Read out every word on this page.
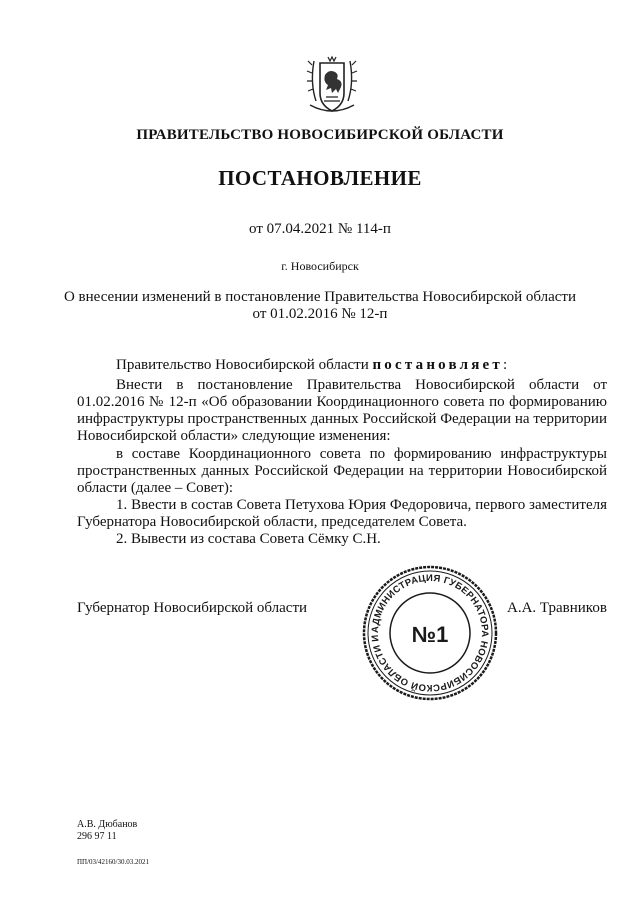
ПРАВИТЕЛЬСТВО НОВОСИБИРСКОЙ ОБЛАСТИ
ПОСТАНОВЛЕНИЕ
от 07.04.2021 № 114-п
г. Новосибирск
О внесении изменений в постановление Правительства Новосибирской области
от 01.02.2016 № 12-п
Правительство Новосибирской области постановляет:
Внести в постановление Правительства Новосибирской области от 01.02.2016 № 12-п «Об образовании Координационного совета по формированию инфраструктуры пространственных данных Российской Федерации на территории Новосибирской области» следующие изменения:
в составе Координационного совета по формированию инфраструктуры пространственных данных Российской Федерации на территории Новосибирской области (далее – Совет):
1. Ввести в состав Совета Петухова Юрия Федоровича, первого заместителя Губернатора Новосибирской области, председателем Совета.
2. Вывести из состава Совета Сёмку С.Н.
Губернатор Новосибирской области	А.А. Травников
АДМИНИСТРАЦИЯ ГУБЕРНАТОРА НОВОСИБИРСКОЙ ОБЛАСТИ И	№1
А.В. Дюбанов
296 97 11
ПП/03/42160/30.03.2021
